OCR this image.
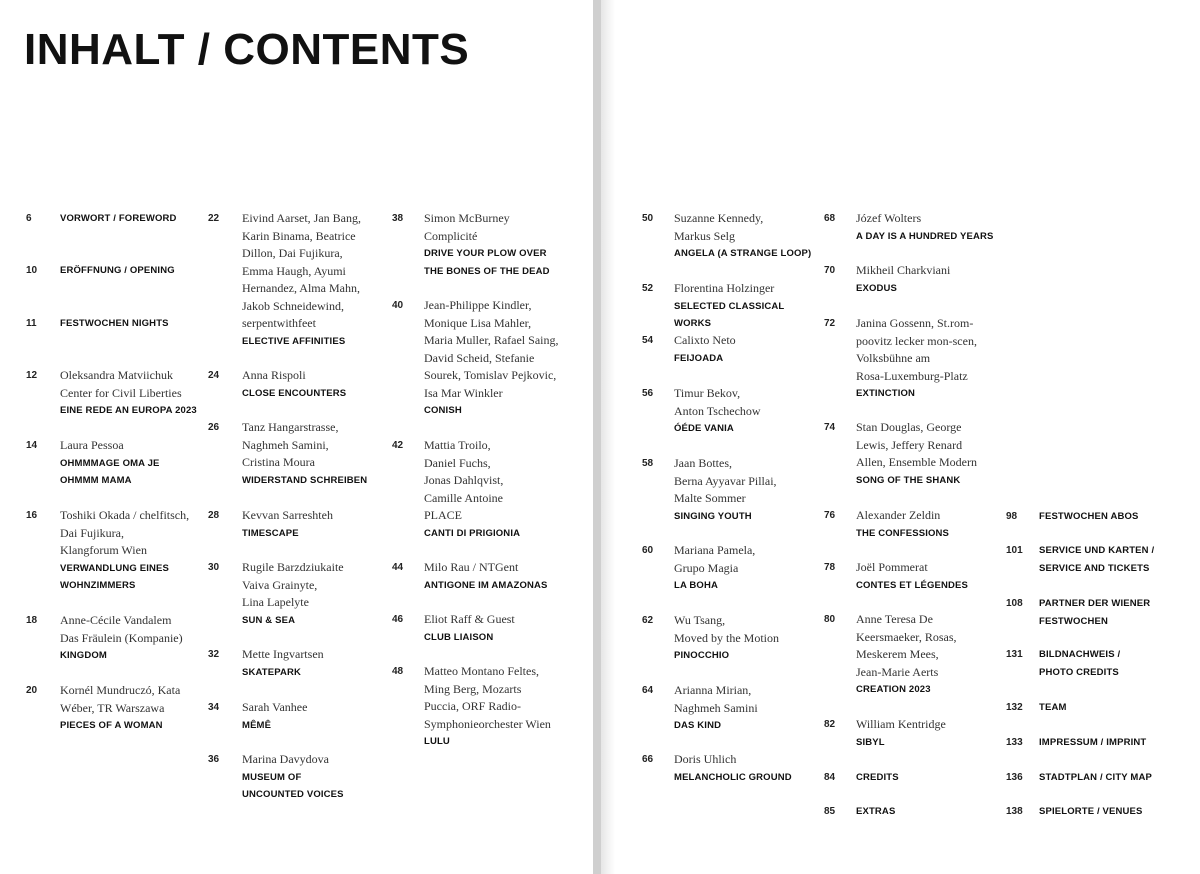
INHALT / CONTENTS
6	VORWORT / FOREWORD
10 ERÖFFNUNG / OPENING
11 FESTWOCHEN NIGHTS
12 Oleksandra Matviichuk
Center for Civil Liberties
EINE REDE AN EUROPA 2023
14 Laura Pessoa
OHMMMAGE OMA JE
OHMMM MAMA
16 Toshiki Okada / chelfitsch,
Dai Fujikura,
Klangforum Wien
VERWANDLUNG EINES
WOHNZIMMERS
18 Anne-Cécile Vandalem
Das Fräulein (Kompanie)
KINGDOM
20 Kornél Mundruczó, Kata
Wéber, TR Warszawa
PIECES OF A WOMAN
22 Eivind Aarset, Jan Bang,
Karin Binama, Beatrice
Dillon, Dai Fujikura,
Emma Haugh, Ayumi
Hernandez, Alma Mahn,
Jakob Schneidewind,
serpentwithfeet
ELECTIVE AFFINITIES
24 Anna Rispoli
CLOSE ENCOUNTERS
26 Tanz Hangarstrasse,
Naghmeh Samini,
Cristina Moura
WIDERSTAND SCHREIBEN
28 Kevvan Sarreshteh
TIMESCAPE
30 Rugile Barzdziukaite
Vaiva Grainyte,
Lina Lapelyte
SUN & SEA
32 Mette Ingvartsen
SKATEPARK
34 Sarah Vanhee
MÊMÊ
36 Marina Davydova
MUSEUM OF
UNCOUNTED VOICES
38 Simon McBurney
Complicité
DRIVE YOUR PLOW OVER
THE BONES OF THE DEAD
40 Jean-Philippe Kindler,
Monique Lisa Mahler,
Maria Muller, Rafael Saing,
David Scheid, Stefanie
Sourek, Tomislav Pejkovic,
Isa Mar Winkler
CONISH
42 Mattia Troilo,
Daniel Fuchs,
Jonas Dahlqvist,
Camille Antoine
PLACE
CANTI DI PRIGIONIA
44 Milo Rau / NTGent
ANTIGONE IM AMAZONAS
46 Eliot Raff & Guest
CLUB LIAISON
48 Matteo Montano Feltes,
Ming Berg, Mozarts
Puccia, ORF Radio-
Symphonieorchester Wien
LULU
50 Suzanne Kennedy,
Markus Selg
ANGELA (A STRANGE LOOP)
52 Florentina Holzinger
SELECTED CLASSICAL WORKS
54 Calixto Neto
FEIJOADA
56 Timur Bekov,
Anton Tschechow
ÓÉDE VANIA
58 Jaan Bottes,
Berna Ayyavar Pillai,
Malte Sommer
SINGING YOUTH
60 Mariana Pamela,
Grupo Magia
LA BOHA
62 Wu Tsang,
Moved by the Motion
PINOCCHIO
64 Arianna Mirian,
Naghmeh Samini
DAS KIND
66 Doris Uhlich
MELANCHOLIC GROUND
68 Józef Wolters
A DAY IS A HUNDRED YEARS
70 Mikheil Charkviani
EXODUS
72 Janina Gossenn, St.rom-
poovitz lecker mon-scen,
Volksbühne am
Rosa-Luxemburg-Platz
EXTINCTION
74 Stan Douglas, George
Lewis, Jeffery Renard
Allen, Ensemble Modern
SONG OF THE SHANK
76 Alexander Zeldin
THE CONFESSIONS
78 Joël Pommerat
CONTES ET LÉGENDES
80 Anne Teresa De
Keersmaeker, Rosas,
Meskerem Mees,
Jean-Marie Aerts
CREATION 2023
82 William Kentridge
SIBYL
84 CREDITS
85 EXTRAS
98 FESTWOCHEN ABOS
101 SERVICE UND KARTEN /
SERVICE AND TICKETS
108 PARTNER DER WIENER
FESTWOCHEN
131 BILDNACHWEIS /
PHOTO CREDITS
132 TEAM
133 IMPRESSUM / IMPRINT
136 STADTPLAN / CITY MAP
138 SPIELORTE / VENUES
